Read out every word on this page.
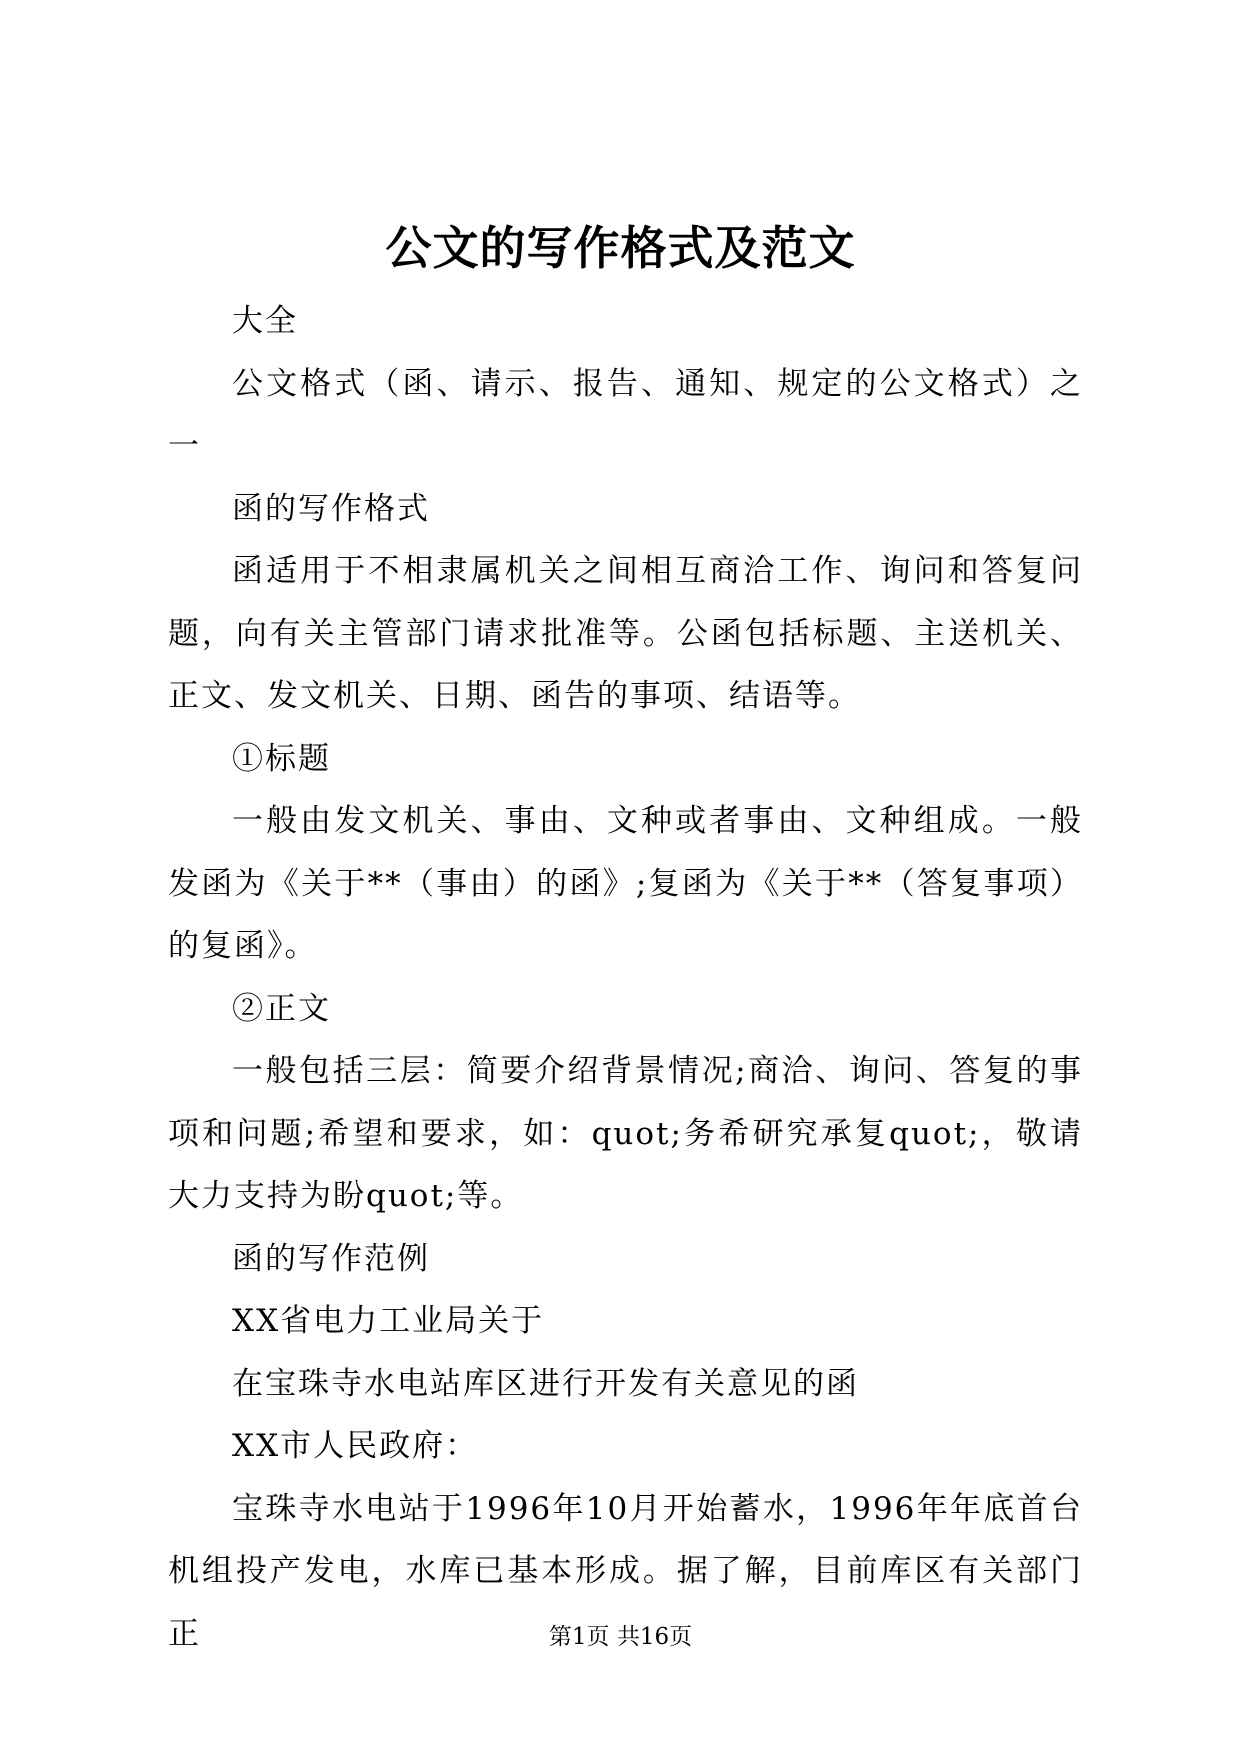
公文的写作格式及范文

大全

公文格式（函、请示、报告、通知、规定的公文格式）之一

函的写作格式

函适用于不相隶属机关之间相互商洽工作、询问和答复问题，向有关主管部门请求批准等。公函包括标题、主送机关、正文、发文机关、日期、函告的事项、结语等。

①标题

一般由发文机关、事由、文种或者事由、文种组成。一般发函为《关于**（事由）的函》;复函为《关于**（答复事项）的复函》。

②正文

一般包括三层：简要介绍背景情况;商洽、询问、答复的事项和问题;希望和要求，如：quot;务希研究承复quot;，敬请大力支持为盼quot;等。

函的写作范例

XX省电力工业局关于

在宝珠寺水电站库区进行开发有关意见的函

XX市人民政府：

宝珠寺水电站于1996年10月开始蓄水，1996年年底首台机组投产发电，水库已基本形成。据了解，目前库区有关部门正	第1页 共16页
